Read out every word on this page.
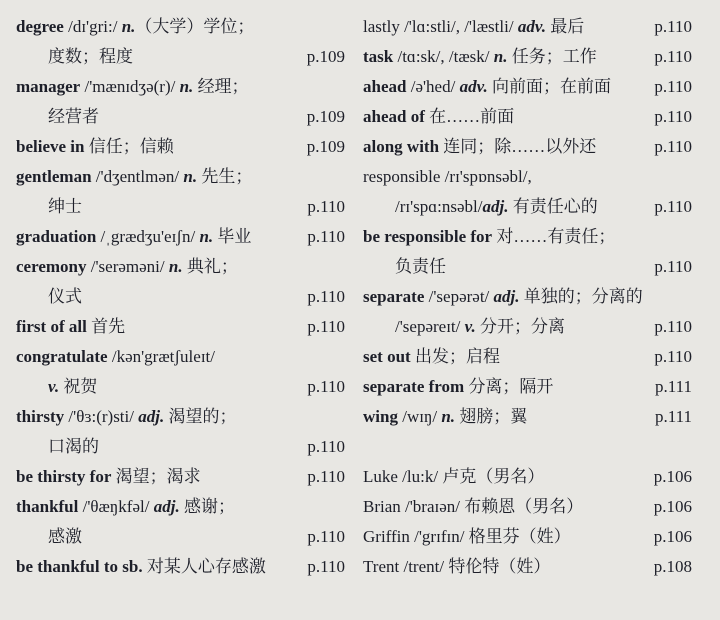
degree /dɪ'gri:/ n.（大学）学位；
度数；程度	p.109
manager /'mænɪdʒə(r)/ n. 经理；
经营者	p.109
believe in 信任；信赖	p.109
gentleman /'dʒentlmən/ n. 先生；
绅士	p.110
graduation /ˌgrædʒu'eɪʃn/ n. 毕业	p.110
ceremony /'serəməni/ n. 典礼；
仪式	p.110
first of all 首先	p.110
congratulate /kən'grætʃuleɪt/
v. 祝贺	p.110
thirsty /'θɜ:(r)sti/ adj. 渴望的；
口渴的	p.110
be thirsty for 渴望；渴求	p.110
thankful /'θæŋkfəl/ adj. 感谢；
感激	p.110
be thankful to sb. 对某人心存感激	p.110
lastly /'lɑ:stli/, /'læstli/ adv. 最后	p.110
task /tɑ:sk/, /tæsk/ n. 任务；工作	p.110
ahead /ə'hed/ adv. 向前面；在前面	p.110
ahead of 在……前面	p.110
along with 连同；除……以外还	p.110
responsible /rɪ'spɒnsəbl/,
/rɪ'spɑ:nsəbl/adj. 有责任心的	p.110
be responsible for 对……有责任；
负责任	p.110
separate /'sepərət/ adj. 单独的；分离的
/'sepəreɪt/ v. 分开；分离	p.110
set out 出发；启程	p.110
separate from 分离；隔开	p.111
wing /wɪŋ/ n. 翅膀；翼	p.111
Luke /lu:k/ 卢克（男名）	p.106
Brian /'braɪən/ 布赖恩（男名）	p.106
Griffin /'grɪfɪn/ 格里芬（姓）	p.106
Trent /trent/ 特伦特（姓）	p.108
